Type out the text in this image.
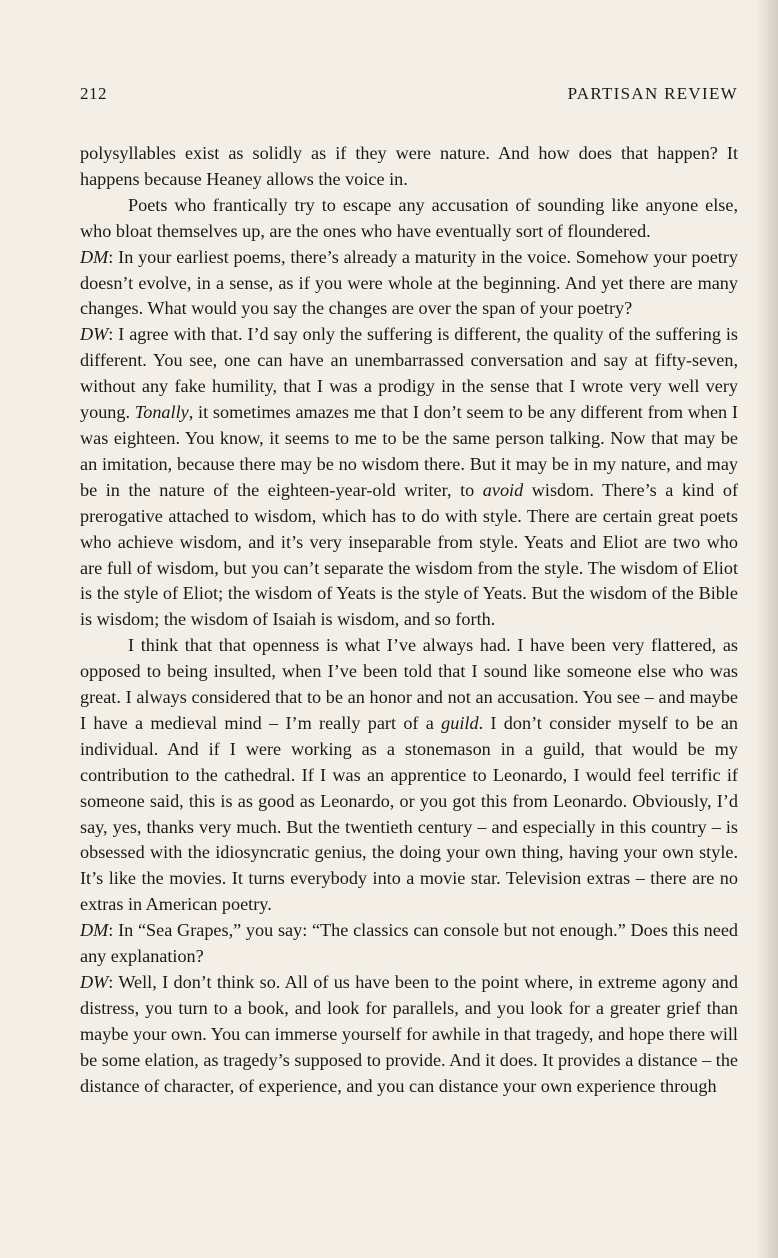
212	PARTISAN REVIEW

polysyllables exist as solidly as if they were nature. And how does that happen? It happens because Heaney allows the voice in.

Poets who frantically try to escape any accusation of sounding like anyone else, who bloat themselves up, are the ones who have eventually sort of floundered.

DM: In your earliest poems, there’s already a maturity in the voice. Somehow your poetry doesn’t evolve, in a sense, as if you were whole at the beginning. And yet there are many changes. What would you say the changes are over the span of your poetry?

DW: I agree with that. I’d say only the suffering is different, the quality of the suffering is different. You see, one can have an unembarrassed conversation and say at fifty-seven, without any fake humility, that I was a prodigy in the sense that I wrote very well very young. Tonally, it sometimes amazes me that I don’t seem to be any different from when I was eighteen. You know, it seems to me to be the same person talking. Now that may be an imitation, because there may be no wisdom there. But it may be in my nature, and may be in the nature of the eighteen-year-old writer, to avoid wisdom. There’s a kind of prerogative attached to wisdom, which has to do with style. There are certain great poets who achieve wisdom, and it’s very inseparable from style. Yeats and Eliot are two who are full of wisdom, but you can’t separate the wisdom from the style. The wisdom of Eliot is the style of Eliot; the wisdom of Yeats is the style of Yeats. But the wisdom of the Bible is wisdom; the wisdom of Isaiah is wisdom, and so forth.

I think that that openness is what I’ve always had. I have been very flattered, as opposed to being insulted, when I’ve been told that I sound like someone else who was great. I always considered that to be an honor and not an accusation. You see – and maybe I have a medieval mind – I’m really part of a guild. I don’t consider myself to be an individual. And if I were working as a stonemason in a guild, that would be my contribution to the cathedral. If I was an apprentice to Leonardo, I would feel terrific if someone said, this is as good as Leonardo, or you got this from Leonardo. Obviously, I’d say, yes, thanks very much. But the twentieth century – and especially in this country – is obsessed with the idiosyncratic genius, the doing your own thing, having your own style. It’s like the movies. It turns everybody into a movie star. Television extras – there are no extras in American poetry.

DM: In “Sea Grapes,” you say: “The classics can console but not enough.” Does this need any explanation?

DW: Well, I don’t think so. All of us have been to the point where, in extreme agony and distress, you turn to a book, and look for parallels, and you look for a greater grief than maybe your own. You can immerse yourself for awhile in that tragedy, and hope there will be some elation, as tragedy’s supposed to provide. And it does. It provides a distance – the distance of character, of experience, and you can distance your own experience through
